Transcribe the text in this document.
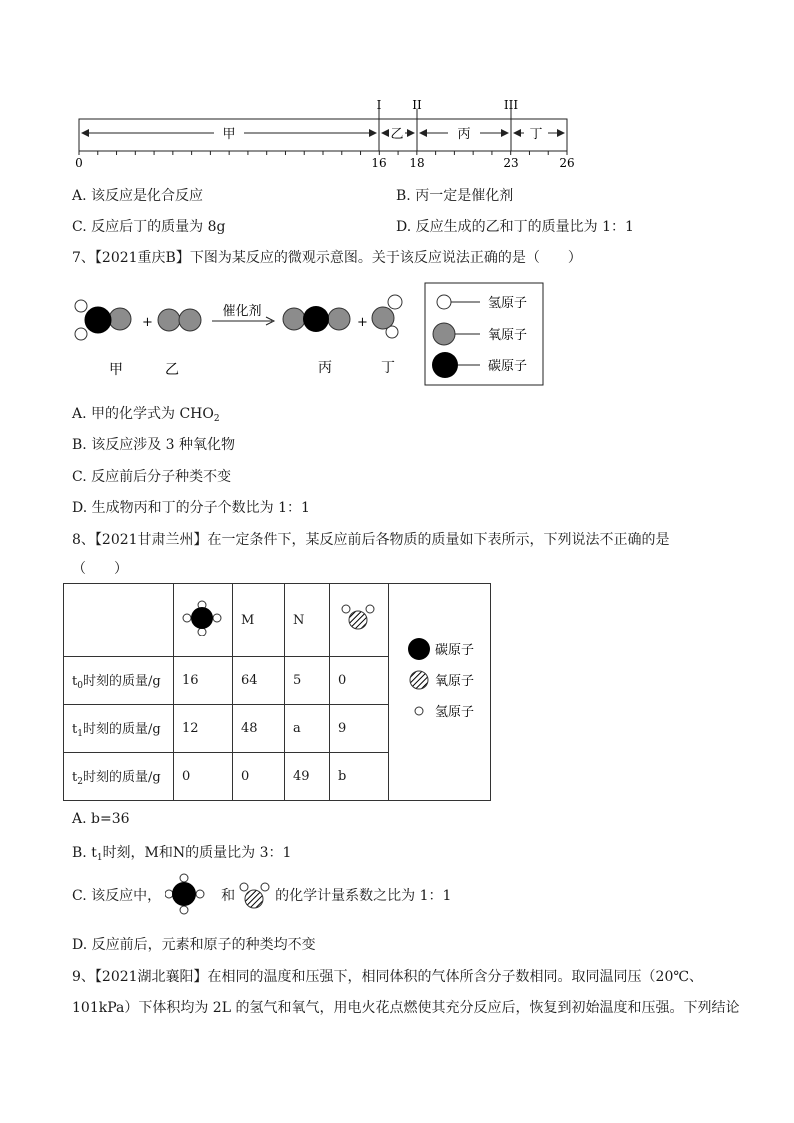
I	II	III
甲	乙	丙	丁
0	16 18	23	26
A. 该反应是化合反应	B. 丙一定是催化剂
C. 反应后丁的质量为 8g	D. 反应生成的乙和丁的质量比为 1：1
7、【2021重庆B】下图为某反应的微观示意图。关于该反应说法正确的是（　　）
+
催化剂
+
甲	乙	丙	丁
氢原子
氧原子
碳原子
A. 甲的化学式为 $CHO_2$
B. 该反应涉及 3 种氧化物
C. 反应前后分子种类不变
D. 生成物丙和丁的分子个数比为 1：1
8、【2021甘肃兰州】在一定条件下，某反应前后各物质的质量如下表所示，下列说法不正确的是
（　　）
		M	N		碳原子
氧原子
氢原子

$t_0$时刻的质量/g	16	64	5	0	
$t_1$时刻的质量/g	12	48	a	9	
$t_2$时刻的质量/g	0	0	49	b	
A. b=36
B. $t_1$时刻，M和N的质量比为 3：1
C. 该反应中，	和	的化学计量系数之比为 1：1
D. 反应前后，元素和原子的种类均不变
9、【2021湖北襄阳】在相同的温度和压强下，相同体积的气体所含分子数相同。取同温同压（20℃、
101kPa）下体积均为 2L 的氢气和氧气，用电火花点燃使其充分反应后，恢复到初始温度和压强。下列结论
